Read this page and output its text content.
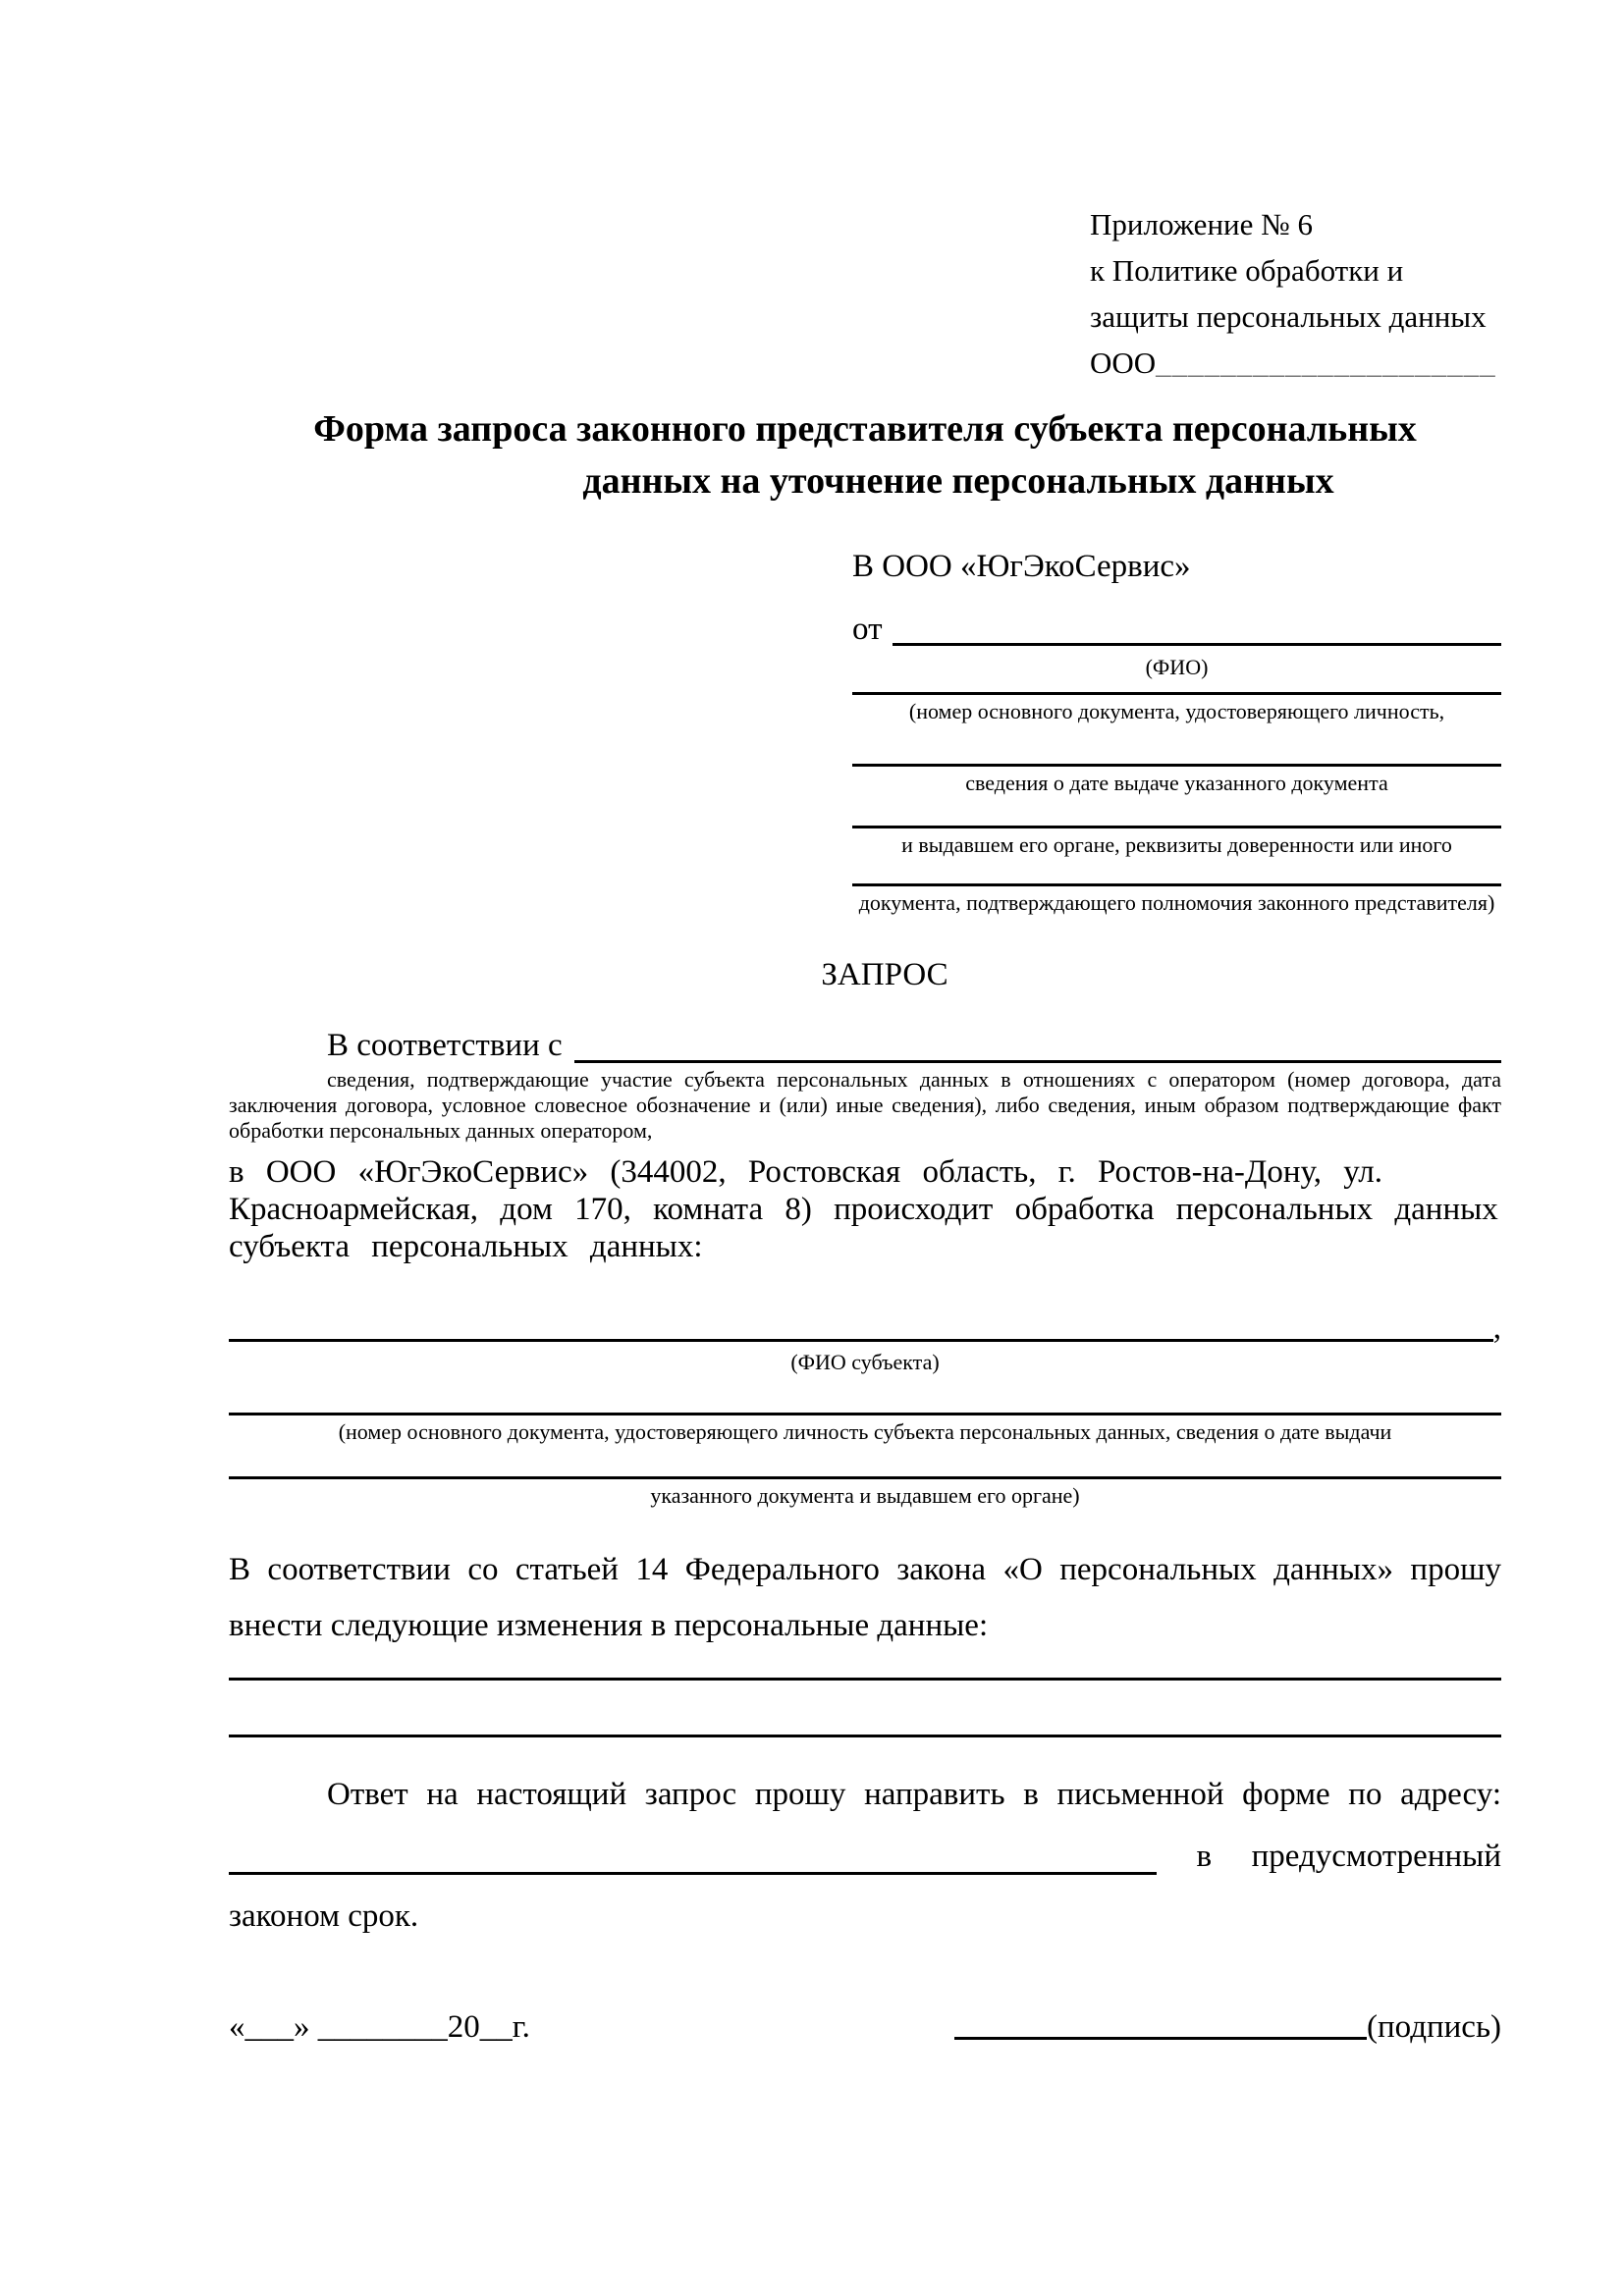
Приложение № 6
к Политике обработки и
защиты персональных данных
ООО_____________________
Форма запроса законного представителя субъекта персональных
данных на уточнение персональных данных
В ООО «ЮгЭкоСервис»
от
(ФИО)
(номер основного документа, удостоверяющего личность,
сведения о дате выдаче указанного документа
и выдавшем его органе, реквизиты доверенности или иного
документа, подтверждающего полномочия законного представителя)
ЗАПРОС
В соответствии с
сведения, подтверждающие участие субъекта персональных данных в отношениях с оператором (номер договора, дата
заключения договора, условное словесное обозначение и (или) иные сведения), либо сведения, иным образом подтверждающие факт
обработки персональных данных оператором,
в ООО «ЮгЭкоСервис» (344002, Ростовская область, г. Ростов-на-Дону, ул.
Красноармейская, дом 170, комната 8) происходит обработка персональных данных
субъекта персональных данных:
,
(ФИО субъекта)
(номер основного документа, удостоверяющего личность субъекта персональных данных, сведения о дате выдачи
указанного документа и выдавшем его органе)
В соответствии со статьей 14 Федерального закона «О персональных данных» прошу
внести следующие изменения в персональные данные:
Ответ на настоящий запрос прошу направить в письменной форме по адресу:
в предусмотренный
законом срок.
«___» ________20__г.	(подпись)
